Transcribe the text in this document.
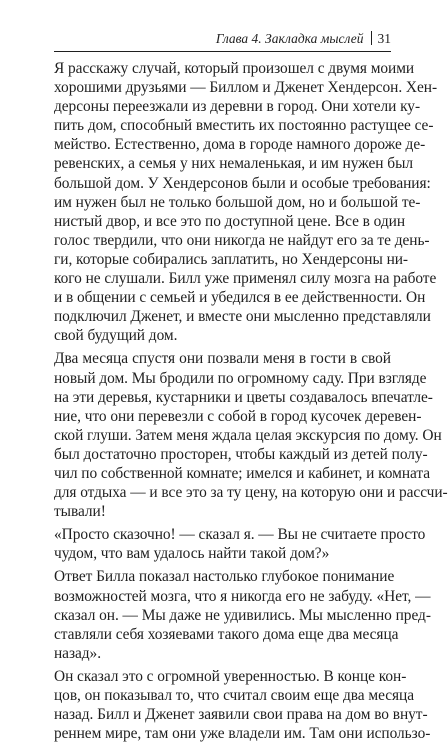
Глава 4. Закладка мыслей 31

Я расскажу случай, который произошел с двумя моими
хорошими друзьями — Биллом и Дженет Хендерсон. Хен-
дерсоны переезжали из деревни в город. Они хотели ку-
пить дом, способный вместить их постоянно растущее се-
мейство. Естественно, дома в городе намного дороже де-
ревенских, а семья у них немаленькая, и им нужен был
большой дом. У Хендерсонов были и особые требования:
им нужен был не только большой дом, но и большой те-
нистый двор, и все это по доступной цене. Все в один
голос твердили, что они никогда не найдут его за те день-
ги, которые собирались заплатить, но Хендерсоны ни-
кого не слушали. Билл уже применял силу мозга на работе
и в общении с семьей и убедился в ее действенности. Он
подключил Дженет, и вместе они мысленно представляли
свой будущий дом.

Два месяца спустя они позвали меня в гости в свой
новый дом. Мы бродили по огромному саду. При взгляде
на эти деревья, кустарники и цветы создавалось впечатле-
ние, что они перевезли с собой в город кусочек деревен-
ской глуши. Затем меня ждала целая экскурсия по дому. Он
был достаточно просторен, чтобы каждый из детей полу-
чил по собственной комнате; имелся и кабинет, и комната
для отдыха — и все это за ту цену, на которую они и рассчи-
тывали!

«Просто сказочно! — сказал я. — Вы не считаете просто
чудом, что вам удалось найти такой дом?»

Ответ Билла показал настолько глубокое понимание
возможностей мозга, что я никогда его не забуду. «Нет, —
сказал он. — Мы даже не удивились. Мы мысленно пред-
ставляли себя хозяевами такого дома еще два месяца
назад».

Он сказал это с огромной уверенностью. В конце кон-
цов, он показывал то, что считал своим еще два месяца
назад. Билл и Дженет заявили свои права на дом во внут-
реннем мире, там они уже владели им. Там они использо-
